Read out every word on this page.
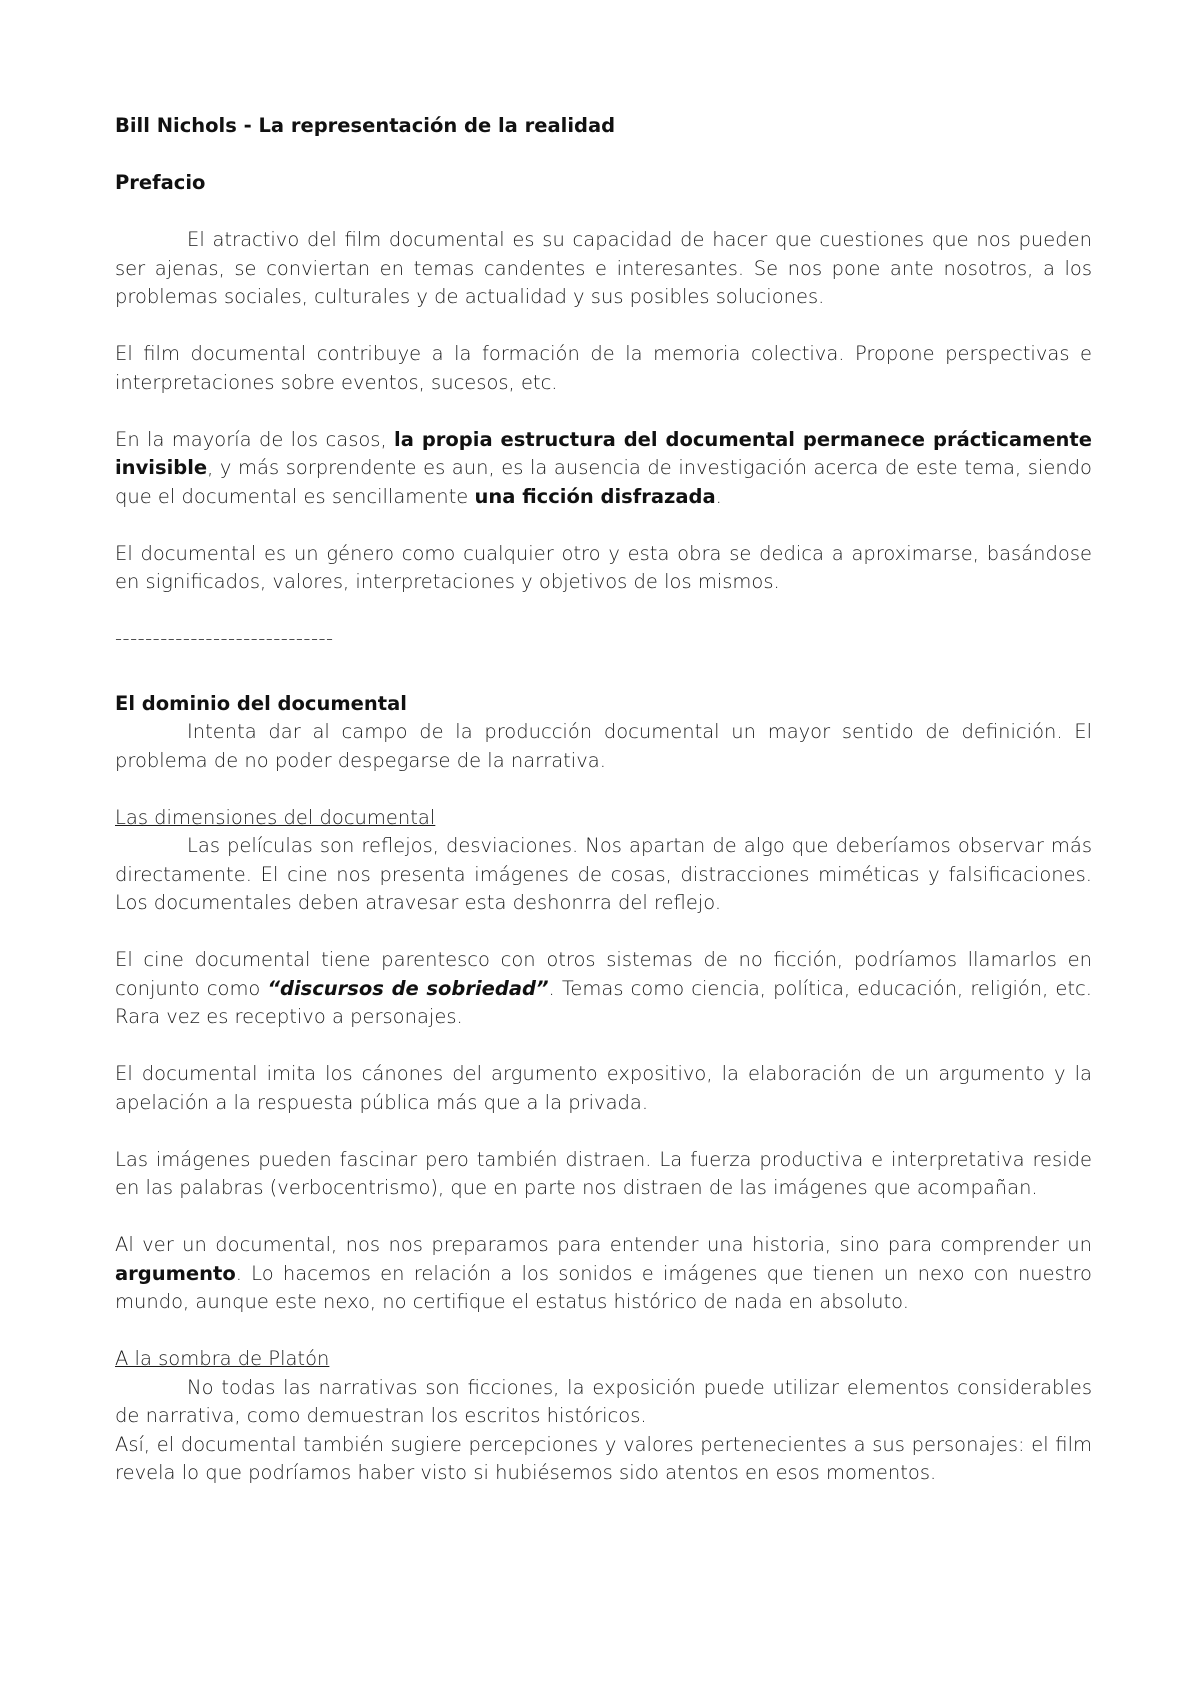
Bill Nichols - La representación de la realidad

Prefacio

El atractivo del film documental es su capacidad de hacer que cuestiones que nos pueden ser ajenas, se conviertan en temas candentes e interesantes. Se nos pone ante nosotros, a los problemas sociales, culturales y de actualidad y sus posibles soluciones.

El film documental contribuye a la formación de la memoria colectiva. Propone perspectivas e interpretaciones sobre eventos, sucesos, etc.

En la mayoría de los casos, la propia estructura del documental permanece prácticamente invisible, y más sorprendente es aun, es la ausencia de investigación acerca de este tema, siendo que el documental es sencillamente una ficción disfrazada.

El documental es un género como cualquier otro y esta obra se dedica a aproximarse, basándose en significados, valores, interpretaciones y objetivos de los mismos.

-----------------------------

El dominio del documental

Intenta dar al campo de la producción documental un mayor sentido de definición. El problema de no poder despegarse de la narrativa.

Las dimensiones del documental

Las películas son reflejos, desviaciones. Nos apartan de algo que deberíamos observar más directamente. El cine nos presenta imágenes de cosas, distracciones miméticas y falsificaciones. Los documentales deben atravesar esta deshonrra del reflejo.

El cine documental tiene parentesco con otros sistemas de no ficción, podríamos llamarlos en conjunto como “discursos de sobriedad”. Temas como ciencia, política, educación, religión, etc. Rara vez es receptivo a personajes.

El documental imita los cánones del argumento expositivo, la elaboración de un argumento y la apelación a la respuesta pública más que a la privada.

Las imágenes pueden fascinar pero también distraen. La fuerza productiva e interpretativa reside en las palabras (verbocentrismo), que en parte nos distraen de las imágenes que acompañan.

Al ver un documental, nos nos preparamos para entender una historia, sino para comprender un argumento. Lo hacemos en relación a los sonidos e imágenes que tienen un nexo con nuestro mundo, aunque este nexo, no certifique el estatus histórico de nada en absoluto.

A la sombra de Platón

No todas las narrativas son ficciones, la exposición puede utilizar elementos considerables de narrativa, como demuestran los escritos históricos.

Así, el documental también sugiere percepciones y valores pertenecientes a sus personajes: el film revela lo que podríamos haber visto si hubiésemos sido atentos en esos momentos.
